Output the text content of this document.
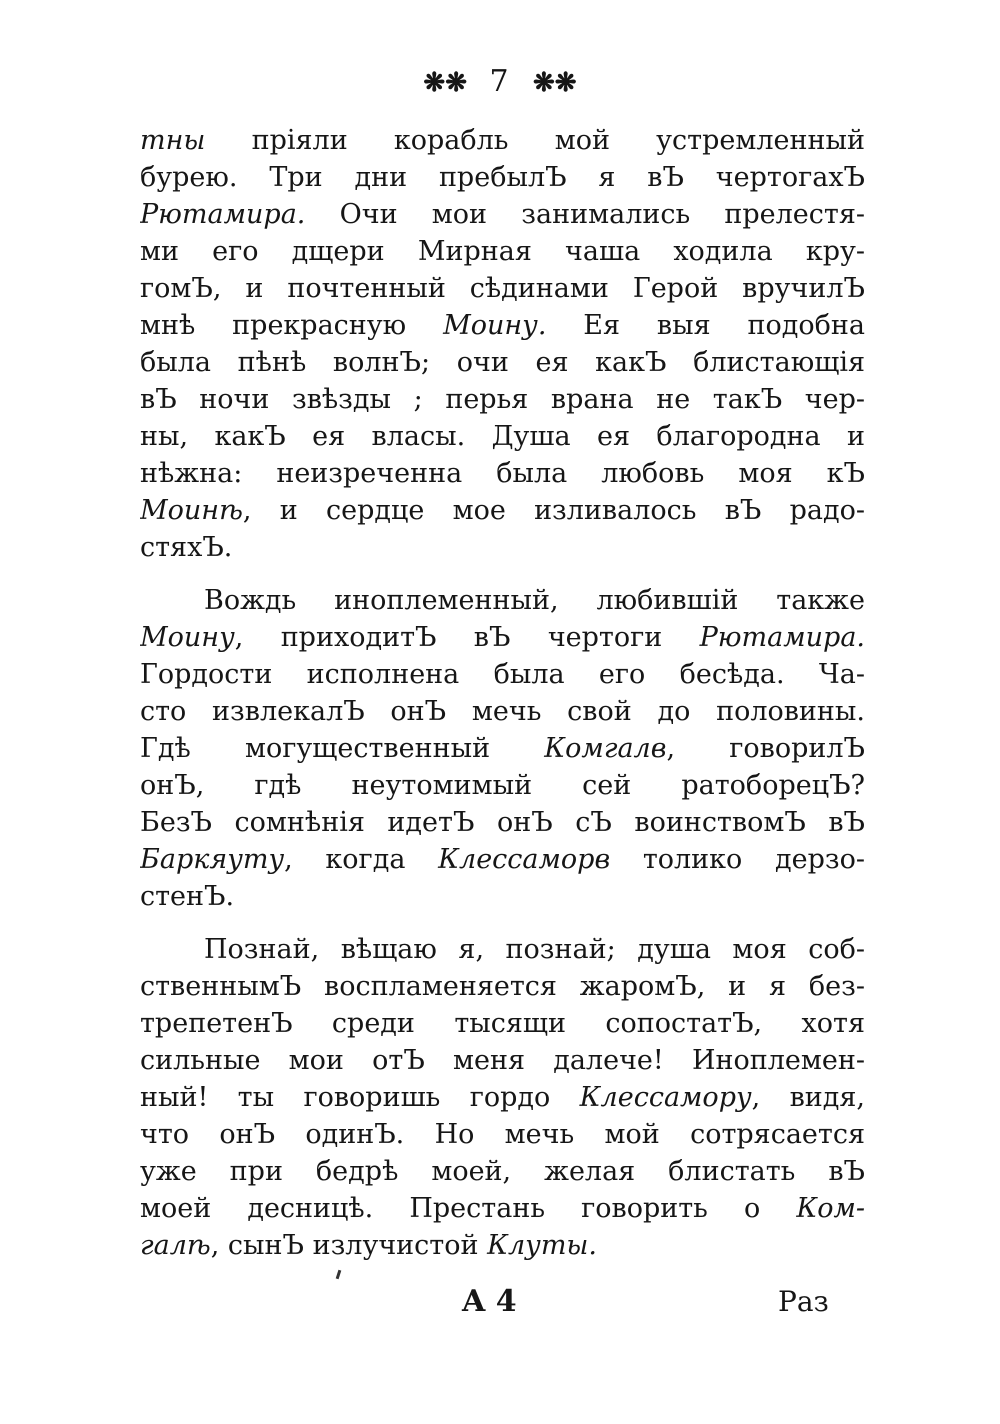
❋❋ 7 ❋❋
тны пріяли корабль мой устремленный
бурею. Три дни пребылЪ я вЪ чертогахЪ
Рютамира. Очи мои занимались прелестя-
ми его дщери Мирная чаша ходила кру-
гомЪ, и почтенный сѣдинами Герой вручилЪ
мнѣ прекрасную Моину. Ея выя подобна
была пѣнѣ волнЪ; очи ея какЪ блистающія
вЪ ночи звѣзды ; перья врана не такЪ чер-
ны, какЪ ея власы. Душа ея благородна и
нѣжна: неизреченна была любовь моя кЪ
Моинѣ, и сердце мое изливалось вЪ радо-
стяхЪ.
Вождь иноплеменный, любившій также
Моину, приходитЪ вЪ чертоги Рютамира.
Гордости исполнена была его бесѣда. Ча-
сто извлекалЪ онЪ мечь свой до половины.
Гдѣ могущественный Комгалв, говорилЪ
онЪ, гдѣ неутомимый сей ратоборецЪ?
БезЪ сомнѣнія идетЪ онЪ сЪ воинствомЪ вЪ
Баркяуту, когда Клессаморв толико дерзо-
стенЪ.
Познай, вѣщаю я, познай; душа моя соб-
ственнымЪ воспламеняется жаромЪ, и я без-
трепетенЪ среди тысящи сопостатЪ, хотя
сильные мои отЪ меня далече! Иноплемен-
ный! ты говоришь гордо Клессамору, видя,
что онЪ одинЪ. Но мечь мой сотрясается
уже при бедрѣ моей, желая блистать вЪ
моей десницѣ. Престань говорить о Ком-
галѣ, сынЪ излучистой Клуты.
A 4	Раз
